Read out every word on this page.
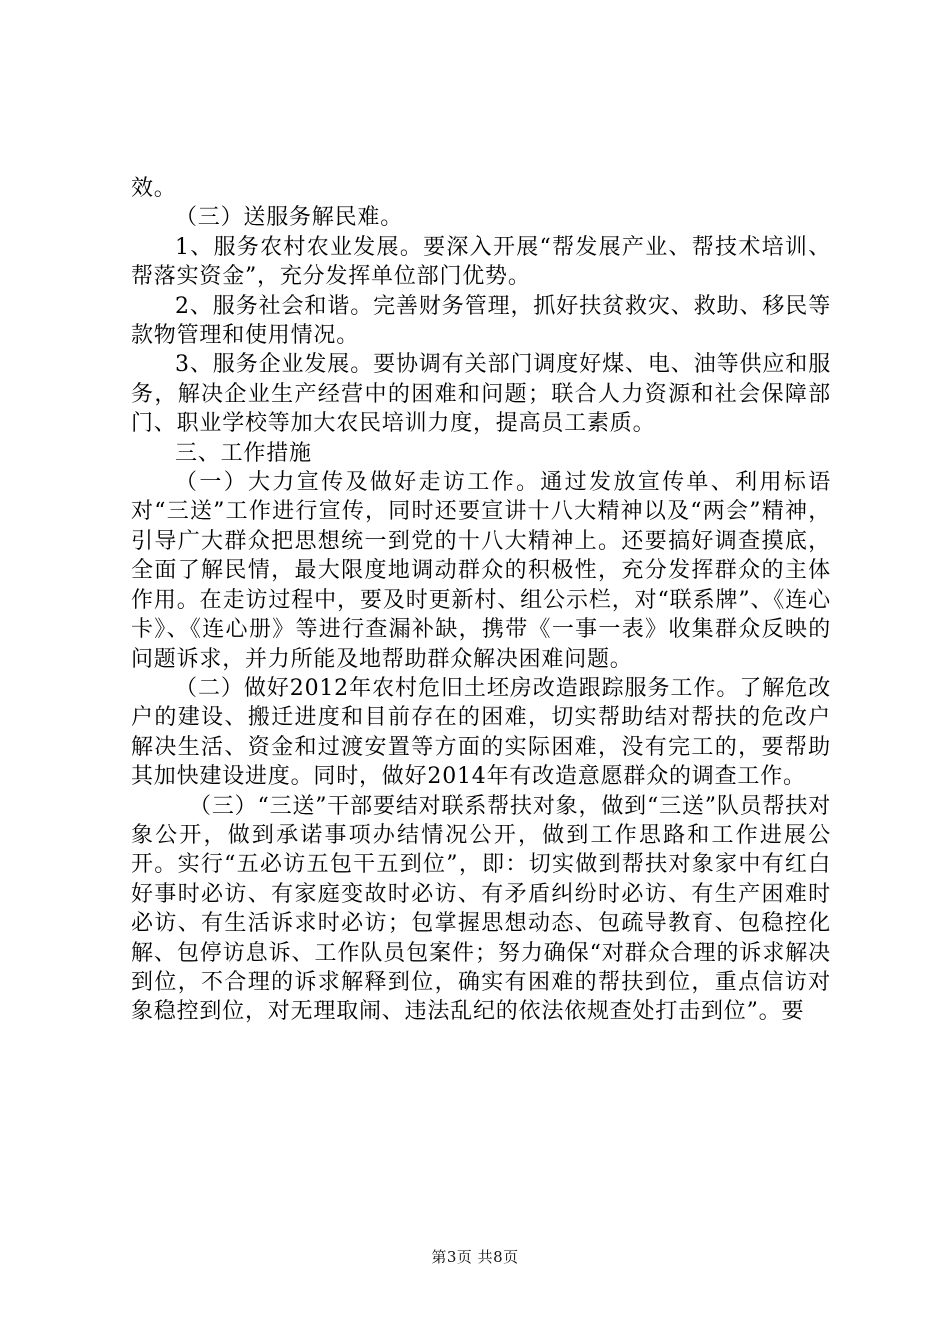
效。

（三）送服务解民难。

1、服务农村农业发展。要深入开展“帮发展产业、帮技术培训、帮落实资金”，充分发挥单位部门优势。

2、服务社会和谐。完善财务管理，抓好扶贫救灾、救助、移民等款物管理和使用情况。

3、服务企业发展。要协调有关部门调度好煤、电、油等供应和服务，解决企业生产经营中的困难和问题；联合人力资源和社会保障部门、职业学校等加大农民培训力度，提高员工素质。

三、工作措施

（一）大力宣传及做好走访工作。通过发放宣传单、利用标语对“三送”工作进行宣传，同时还要宣讲十八大精神以及“两会”精神，引导广大群众把思想统一到党的十八大精神上。还要搞好调查摸底，全面了解民情，最大限度地调动群众的积极性，充分发挥群众的主体作用。在走访过程中，要及时更新村、组公示栏，对“联系牌”、《连心卡》、《连心册》等进行查漏补缺，携带《一事一表》收集群众反映的问题诉求，并力所能及地帮助群众解决困难问题。

（二）做好2012年农村危旧土坯房改造跟踪服务工作。了解危改户的建设、搬迁进度和目前存在的困难，切实帮助结对帮扶的危改户解决生活、资金和过渡安置等方面的实际困难，没有完工的，要帮助其加快建设进度。同时，做好2014年有改造意愿群众的调查工作。

（三）“三送”干部要结对联系帮扶对象，做到“三送”队员帮扶对象公开，做到承诺事项办结情况公开，做到工作思路和工作进展公开。实行“五必访五包干五到位”，即：切实做到帮扶对象家中有红白好事时必访、有家庭变故时必访、有矛盾纠纷时必访、有生产困难时必访、有生活诉求时必访；包掌握思想动态、包疏导教育、包稳控化解、包停访息诉、工作队员包案件；努力确保“对群众合理的诉求解决到位，不合理的诉求解释到位，确实有困难的帮扶到位，重点信访对象稳控到位，对无理取闹、违法乱纪的依法依规查处打击到位”。要

第3页 共8页
